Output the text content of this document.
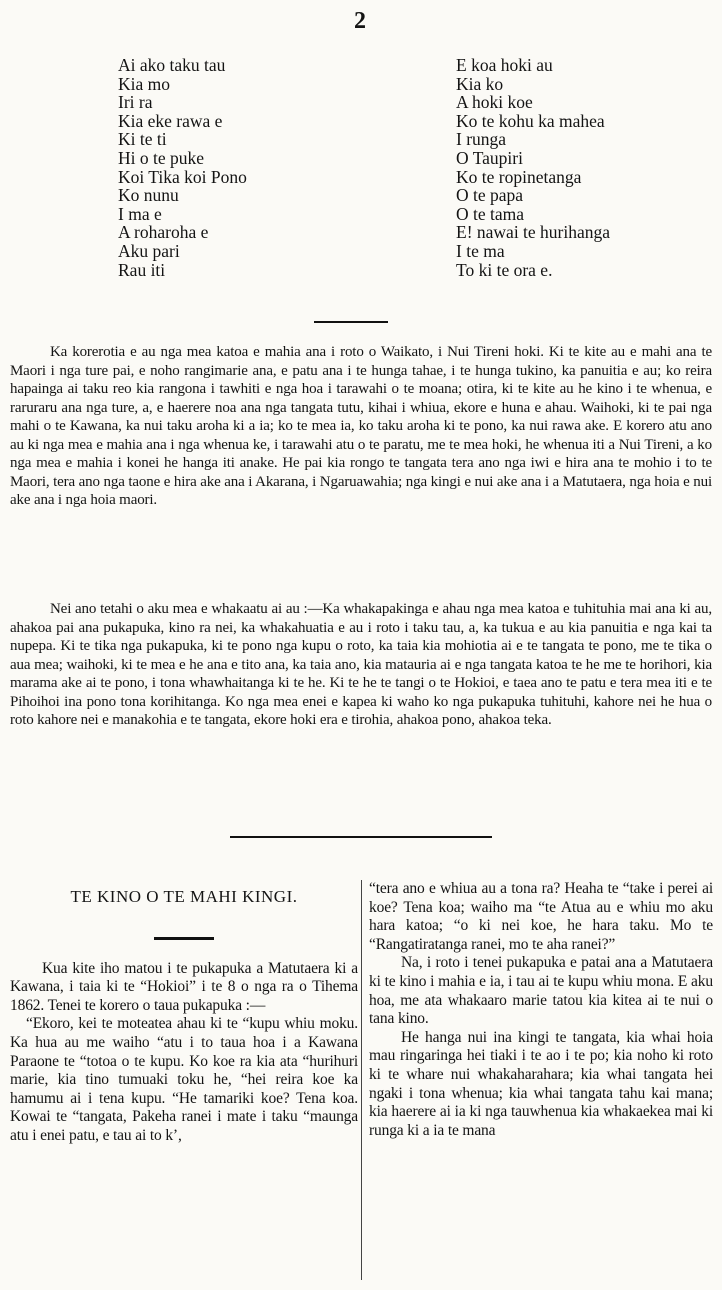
2
Ai ako taku tau
Kia mo
Iri ra
Kia eke rawa e
Ki te ti
Hi o te puke
Koi Tika koi Pono
Ko nunu
I ma e
A roharoha e
Aku pari
Rau iti
E koa hoki au
Kia ko
A hoki koe
Ko te kohu ka mahea
I runga
O Taupiri
Ko te ropinetanga
O te papa
O te tama
E! nawai te hurihanga
I te ma
To ki te ora e.

Ka korerotia e au nga mea katoa e mahia ana i roto o Waikato, i Nui Tireni hoki. Ki te kite au e mahi ana te Maori i nga ture pai, e noho rangimarie ana, e patu ana i te hunga tahae, i te hunga tukino, ka panuitia e au; ko reira hapainga ai taku reo kia rangona i tawhiti e nga hoa i tarawahi o te moana; otira, ki te kite au he kino i te whenua, e raruraru ana nga ture, a, e haerere noa ana nga tangata tutu, kihai i whiua, ekore e huna e ahau. Waihoki, ki te pai nga mahi o te Kawana, ka nui taku aroha ki a ia; ko te mea ia, ko taku aroha ki te pono, ka nui rawa ake. E korero atu ano au ki nga mea e mahia ana i nga whenua ke, i tarawahi atu o te paratu, me te mea hoki, he whenua iti a Nui Tireni, a ko nga mea e mahia i konei he hanga iti anake. He pai kia rongo te tangata tera ano nga iwi e hira ana te mohio i to te Maori, tera ano nga taone e hira ake ana i Akarana, i Ngaruawahia; nga kingi e nui ake ana i a Matutaera, nga hoia e nui ake ana i nga hoia maori.

Nei ano tetahi o aku mea e whakaatu ai au :—Ka whakapakinga e ahau nga mea katoa e tuhituhia mai ana ki au, ahakoa pai ana pukapuka, kino ra nei, ka whakahuatia e au i roto i taku tau, a, ka tukua e au kia panuitia e nga kai ta nupepa. Ki te tika nga pukapuka, ki te pono nga kupu o roto, ka taia kia mohiotia ai e te tangata te pono, me te tika o aua mea; waihoki, ki te mea e he ana e tito ana, ka taia ano, kia matauria ai e nga tangata katoa te he me te horihori, kia marama ake ai te pono, i tona whawhaitanga ki te he. Ki te he te tangi o te Hokioi, e taea ano te patu e tera mea iti e te Pihoihoi ina pono tona korihitanga. Ko nga mea enei e kapea ki waho ko nga pukapuka tuhituhi, kahore nei he hua o roto kahore nei e manakohia e te tangata, ekore hoki era e tirohia, ahakoa pono, ahakoa teka.

TE KINO O TE MAHI KINGI.

Kua kite iho matou i te pukapuka a Matutaera ki a Kawana, i taia ki te “Hokioi” i te 8 o nga ra o Tihema 1862. Tenei te korero o taua pukapuka :—

“Ekoro, kei te moteatea ahau ki te “kupu whiu moku. Ka hua au me waiho “atu i to taua hoa i a Kawana Paraone te “totoa o te kupu. Ko koe ra kia ata “hurihuri marie, kia tino tumuaki toku he, “hei reira koe ka hamumu ai i tena kupu. “He tamariki koe? Tena koa. Kowai te “tangata, Pakeha ranei i mate i taku “maunga atu i enei patu, e tau ai to k’,

“tera ano e whiua au a tona ra? Heaha te “take i perei ai koe? Tena koa; waiho ma “te Atua au e whiu mo aku hara katoa; “o ki nei koe, he hara taku. Mo te “Rangatiratanga ranei, mo te aha ranei?”

Na, i roto i tenei pukapuka e patai ana a Matutaera ki te kino i mahia e ia, i tau ai te kupu whiu mona. E aku hoa, me ata whakaaro marie tatou kia kitea ai te nui o tana kino.

He hanga nui ina kingi te tangata, kia whai hoia mau ringaringa hei tiaki i te ao i te po; kia noho ki roto ki te whare nui whakaharahara; kia whai tangata hei ngaki i tona whenua; kia whai tangata tahu kai mana; kia haerere ai ia ki nga tauwhenua kia whakaekea mai ki runga ki a ia te mana
